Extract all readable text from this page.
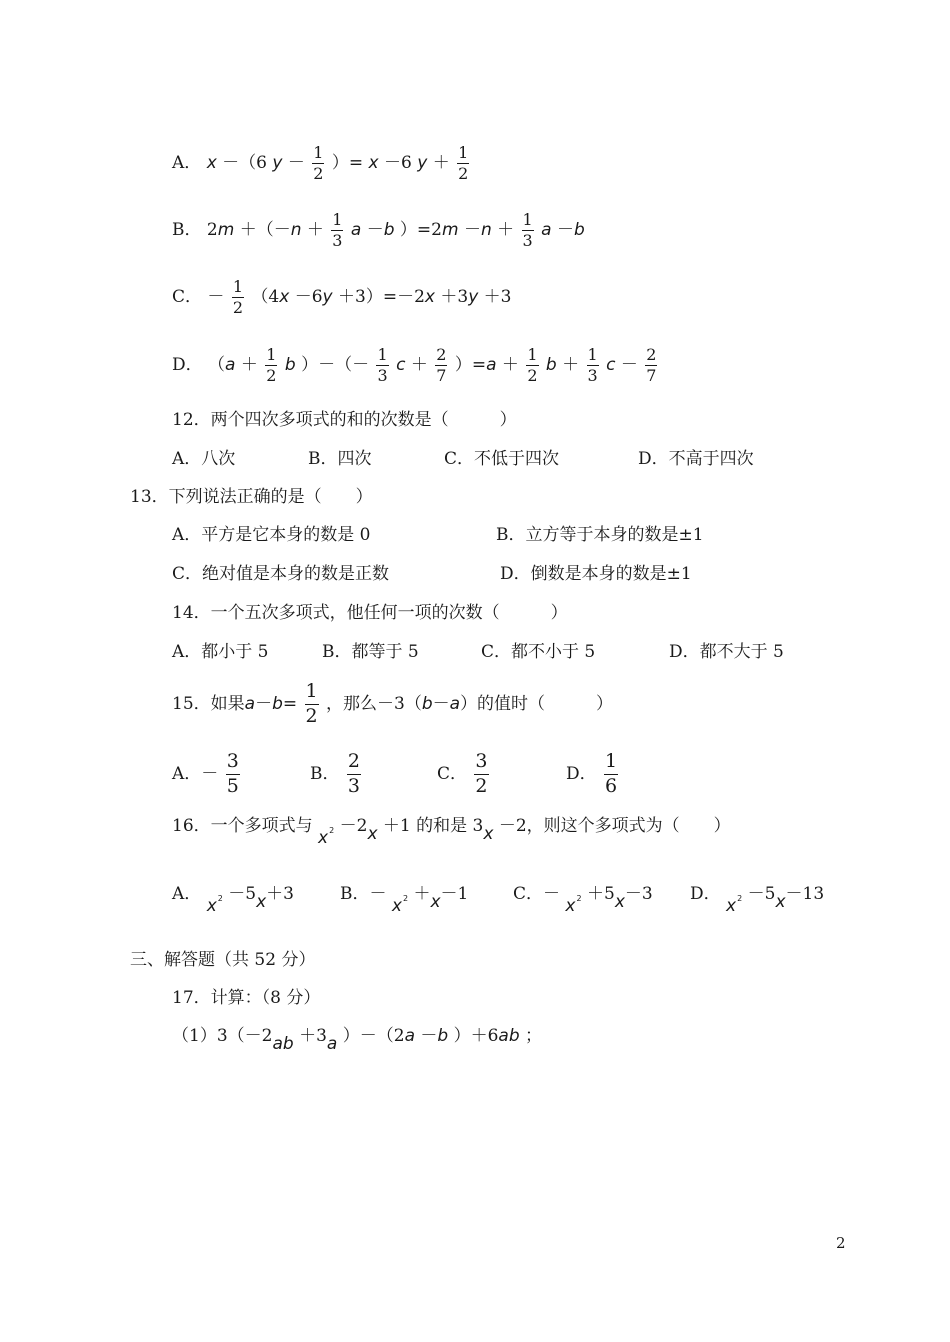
A． x －（6 $y - \frac{1}{2}$ ）= x －6 $y + \frac{1}{2}$
B． $2m +(-n + \frac{1}{3}$ a －b ）$=2m -n + \frac{1}{3}$ a －b
C． － $\frac{1}{2} (4x -6y +3)=-2x +3y +3$
D． （$a + \frac{1}{2}$ b ）－（－ $\frac{1}{3}$ $c + \frac{2}{7} )=a + \frac{1}{2}$ $b + \frac{1}{3}$ $c - \frac{2}{7}$
12．两个四次多项式的和的次数是（　　　）
A．八次	B．四次	C．不低于四次	D．不高于四次
13．下列说法正确的是（　　）
A．平方是它本身的数是 0	B．立方等于本身的数是±1
C．绝对值是本身的数是正数	D．倒数是本身的数是±1
14．一个五次多项式，他任何一项的次数（　　　）
A．都小于 5	B．都等于 5	C．都不小于 5	D．都不大于 5
15．如果$a-b= \frac{1}{2}$ ，那么－3（b－a）的值时（　　　）
A．－ $\frac{3}{5}$	B． $\frac{2}{3}$	C． $\frac{3}{2}$	D． $\frac{1}{6}$
16．一个多项式与 $x^2 -2x +1$ 的和是 3x －2，则这个多项式为（　　）
A． $x^2 -5x+3$	B．－ $x^2 +x-1$	C．－ $x^2 +5x-3$ D． $x^2 -5x-13$
三、解答题（共 52 分）
17．计算：（8 分）
（1）3（－2ab ＋3a ）－（2a －b ）＋6ab ；
2
